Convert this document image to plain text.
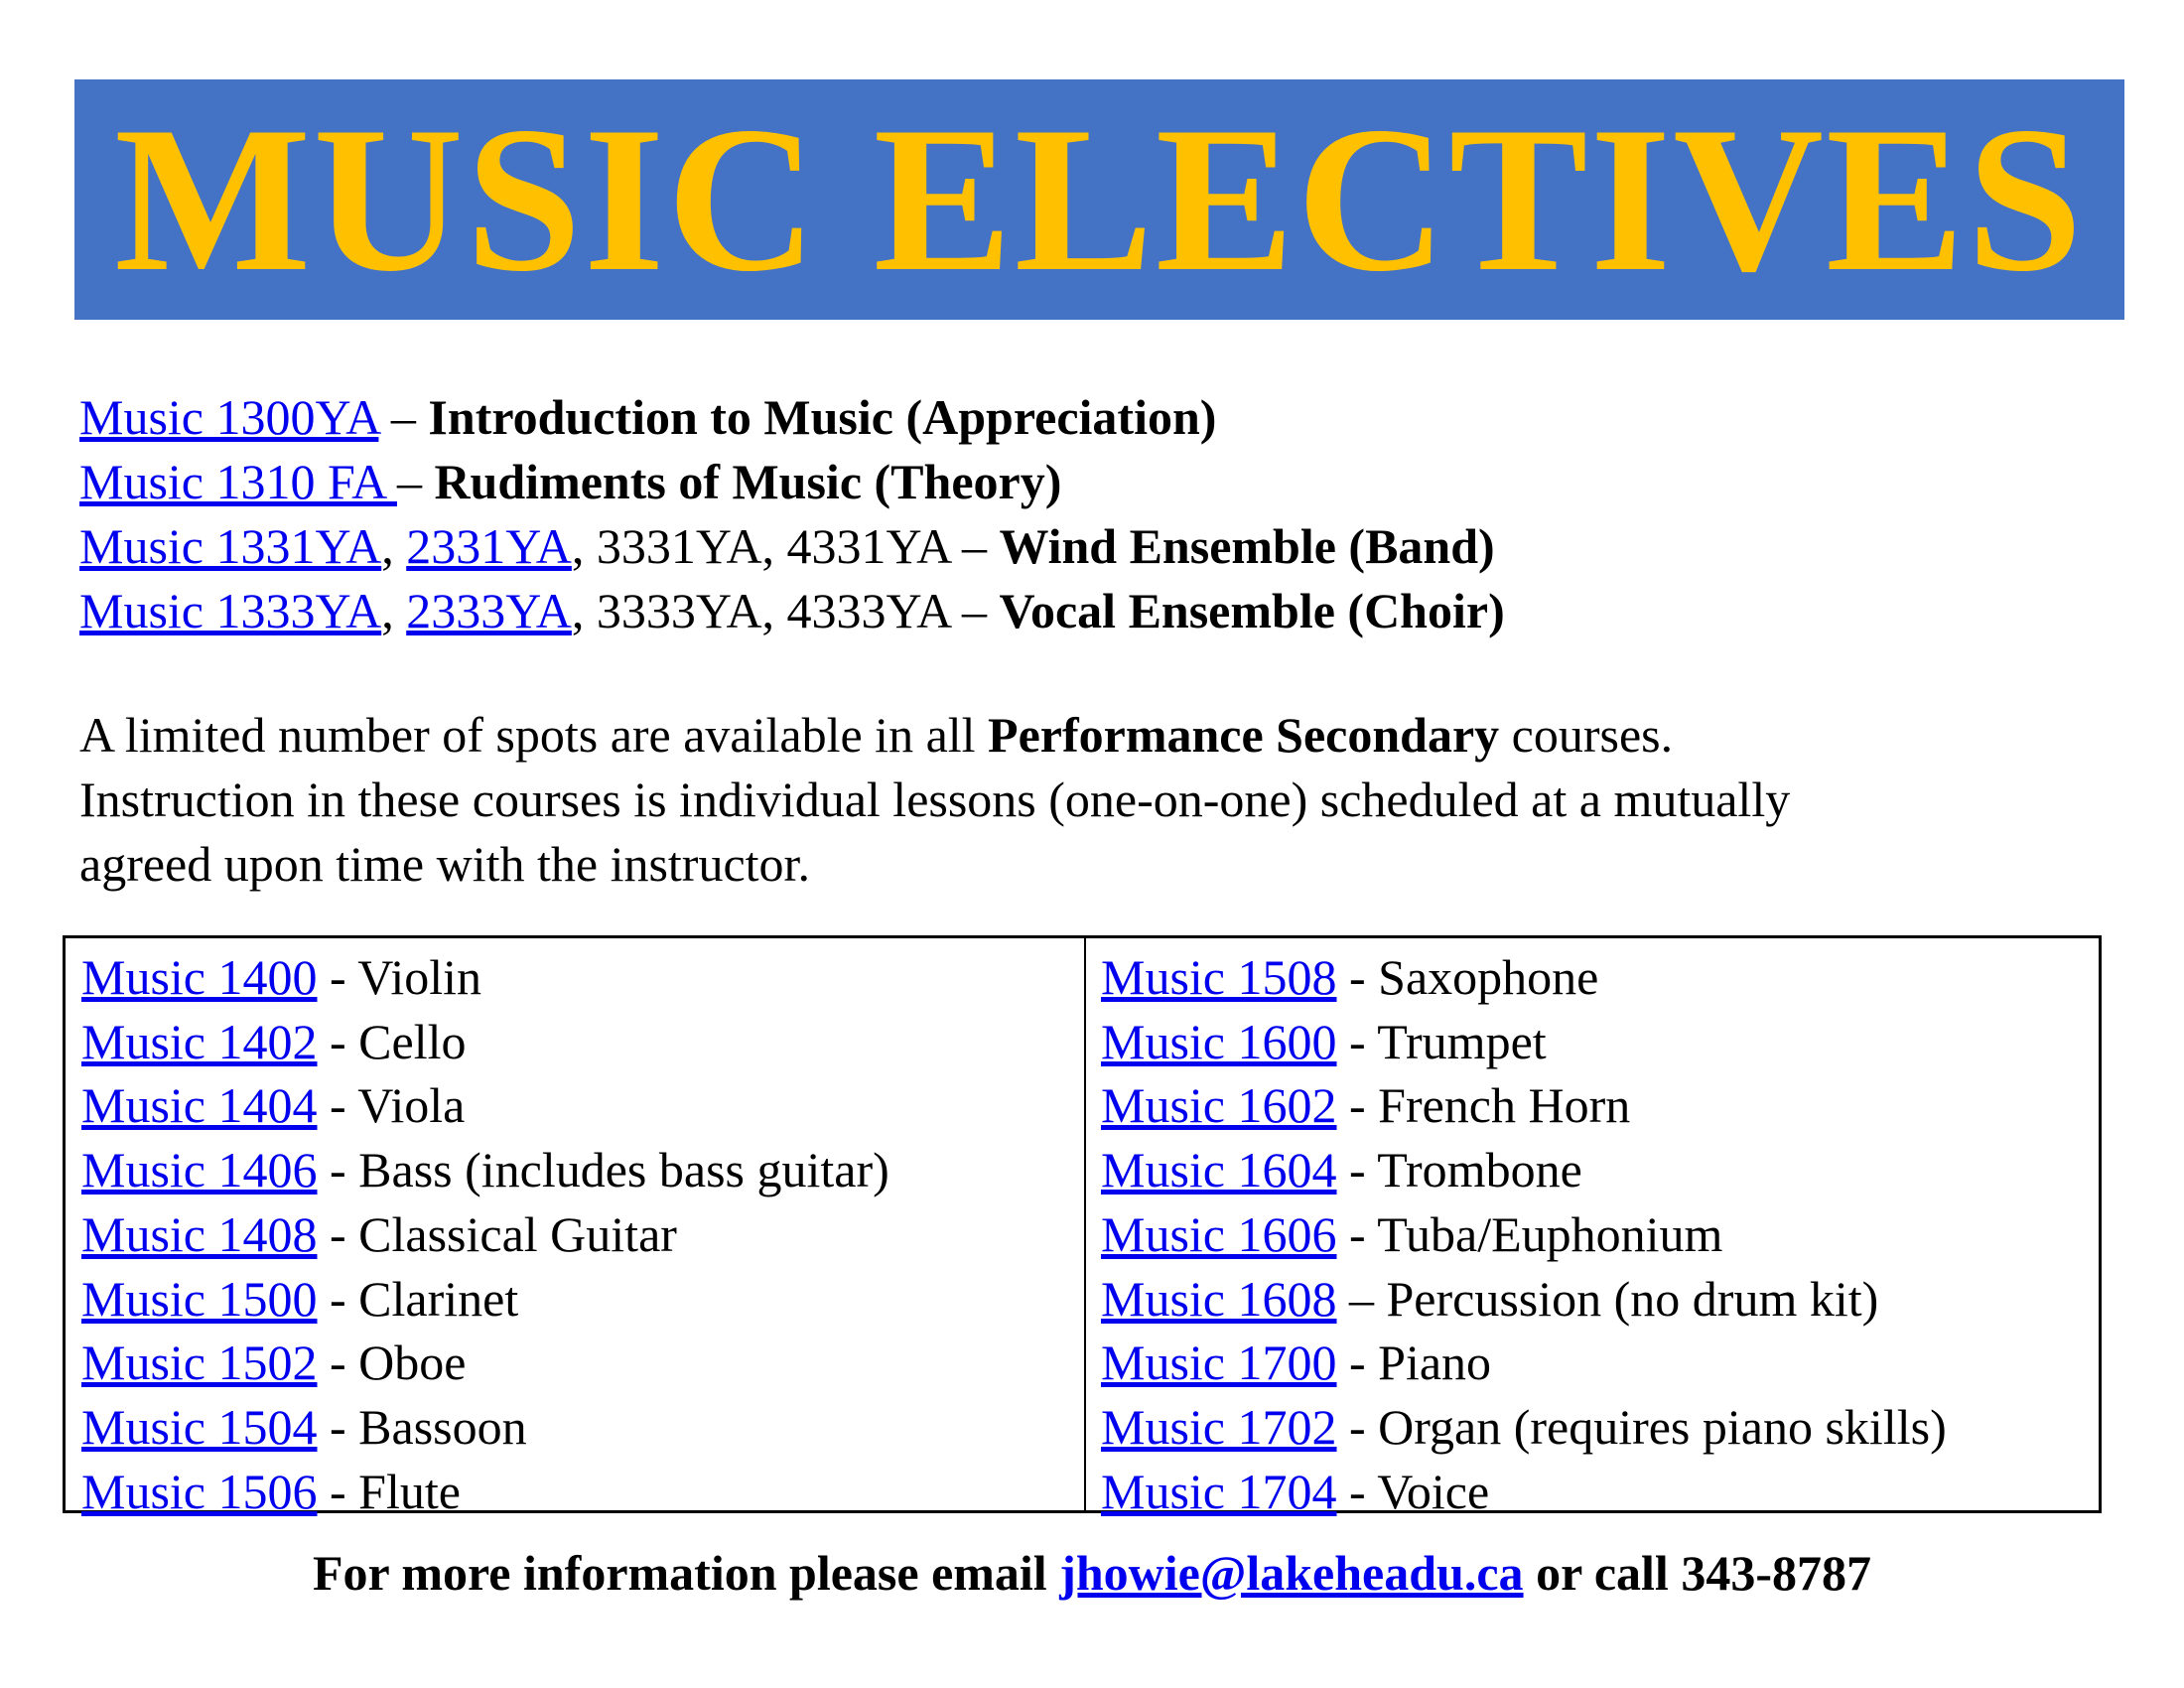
MUSIC ELECTIVES
Music 1300YA – Introduction to Music (Appreciation)
Music 1310 FA – Rudiments of Music (Theory)
Music 1331YA, 2331YA, 3331YA, 4331YA – Wind Ensemble (Band)
Music 1333YA, 2333YA, 3333YA, 4333YA – Vocal Ensemble (Choir)
A limited number of spots are available in all Performance Secondary courses.
Instruction in these courses is individual lessons (one-on-one) scheduled at a mutually
agreed upon time with the instructor.
Music 1400 - Violin
Music 1402 - Cello
Music 1404 - Viola
Music 1406 - Bass (includes bass guitar)
Music 1408 - Classical Guitar
Music 1500 - Clarinet
Music 1502 - Oboe
Music 1504 - Bassoon
Music 1506 - Flute
Music 1508 - Saxophone
Music 1600 - Trumpet
Music 1602 - French Horn
Music 1604 - Trombone
Music 1606 - Tuba/Euphonium
Music 1608 – Percussion (no drum kit)
Music 1700 - Piano
Music 1702 - Organ (requires piano skills)
Music 1704 - Voice
For more information please email jhowie@lakeheadu.ca or call 343-8787
